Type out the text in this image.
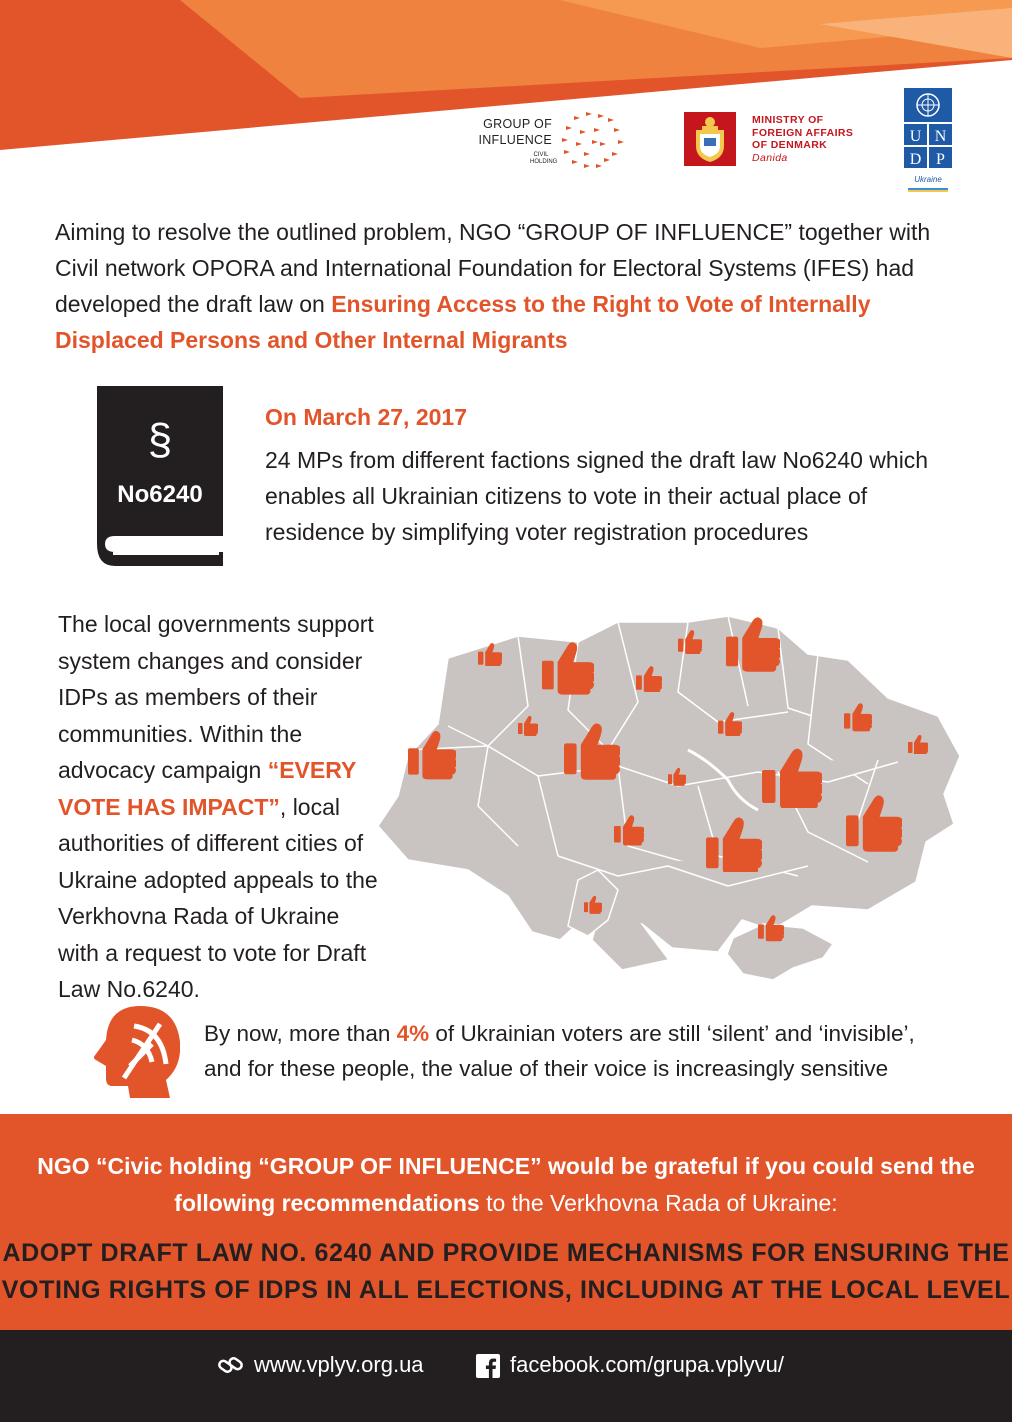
GROUP OF INFLUENCE
CIVIL HOLDING
MINISTRY OF
FOREIGN AFFAIRS
OF DENMARK
Danida
U N
D P
Ukraine
Aiming to resolve the outlined problem, NGO “GROUP OF INFLUENCE” together with Civil network OPORA and International Foundation for Electoral Systems (IFES) had developed the draft law on Ensuring Access to the Right to Vote of Internally Displaced Persons and Other Internal Migrants
§
No6240
On March 27, 2017
24 MPs from different factions signed the draft law No6240 which enables all Ukrainian citizens to vote in their actual place of residence by simplifying voter registration procedures
The local governments support system changes and consider IDPs as members of their communities. Within the advocacy campaign “EVERY VOTE HAS IMPACT”, local authorities of different cities of Ukraine adopted appeals to the Verkhovna Rada of Ukraine with a request to vote for Draft Law No.6240.
By now, more than 4% of Ukrainian voters are still ‘silent’ and ‘invisible’, and for these people, the value of their voice is increasingly sensitive
NGO “Civic holding “GROUP OF INFLUENCE” would be grateful if you could send the following recommendations to the Verkhovna Rada of Ukraine:
ADOPT DRAFT LAW NO. 6240 AND PROVIDE MECHANISMS FOR ENSURING THE
VOTING RIGHTS OF IDPS IN ALL ELECTIONS, INCLUDING AT THE LOCAL LEVEL
www.vplyv.org.ua	facebook.com/grupa.vplyvu/
